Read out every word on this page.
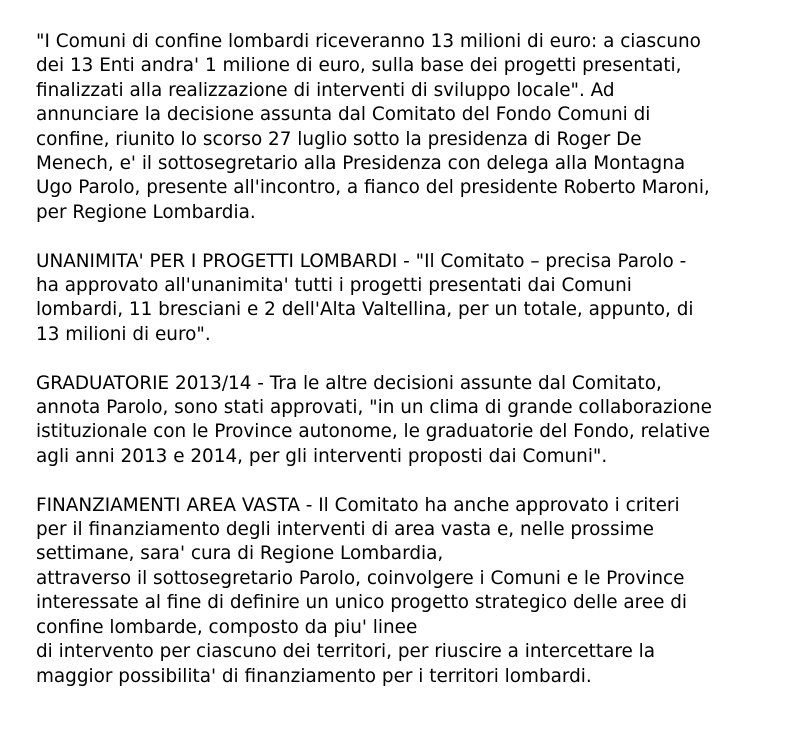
"I Comuni di confine lombardi riceveranno 13 milioni di euro: a ciascuno
dei 13 Enti andra' 1 milione di euro, sulla base dei progetti presentati,
finalizzati alla realizzazione di interventi di sviluppo locale". Ad
annunciare la decisione assunta dal Comitato del Fondo Comuni di
confine, riunito lo scorso 27 luglio sotto la presidenza di Roger De
Menech, e' il sottosegretario alla Presidenza con delega alla Montagna
Ugo Parolo, presente all'incontro, a fianco del presidente Roberto Maroni,
per Regione Lombardia.

UNANIMITA' PER I PROGETTI LOMBARDI - "Il Comitato – precisa Parolo -
ha approvato all'unanimita' tutti i progetti presentati dai Comuni
lombardi, 11 bresciani e 2 dell'Alta Valtellina, per un totale, appunto, di
13 milioni di euro".

GRADUATORIE 2013/14 - Tra le altre decisioni assunte dal Comitato,
annota Parolo, sono stati approvati, "in un clima di grande collaborazione
istituzionale con le Province autonome, le graduatorie del Fondo, relative
agli anni 2013 e 2014, per gli interventi proposti dai Comuni".

FINANZIAMENTI AREA VASTA - Il Comitato ha anche approvato i criteri
per il finanziamento degli interventi di area vasta e, nelle prossime
settimane, sara' cura di Regione Lombardia,
attraverso il sottosegretario Parolo, coinvolgere i Comuni e le Province
interessate al fine di definire un unico progetto strategico delle aree di
confine lombarde, composto da piu' linee
di intervento per ciascuno dei territori, per riuscire a intercettare la
maggior possibilita' di finanziamento per i territori lombardi.
